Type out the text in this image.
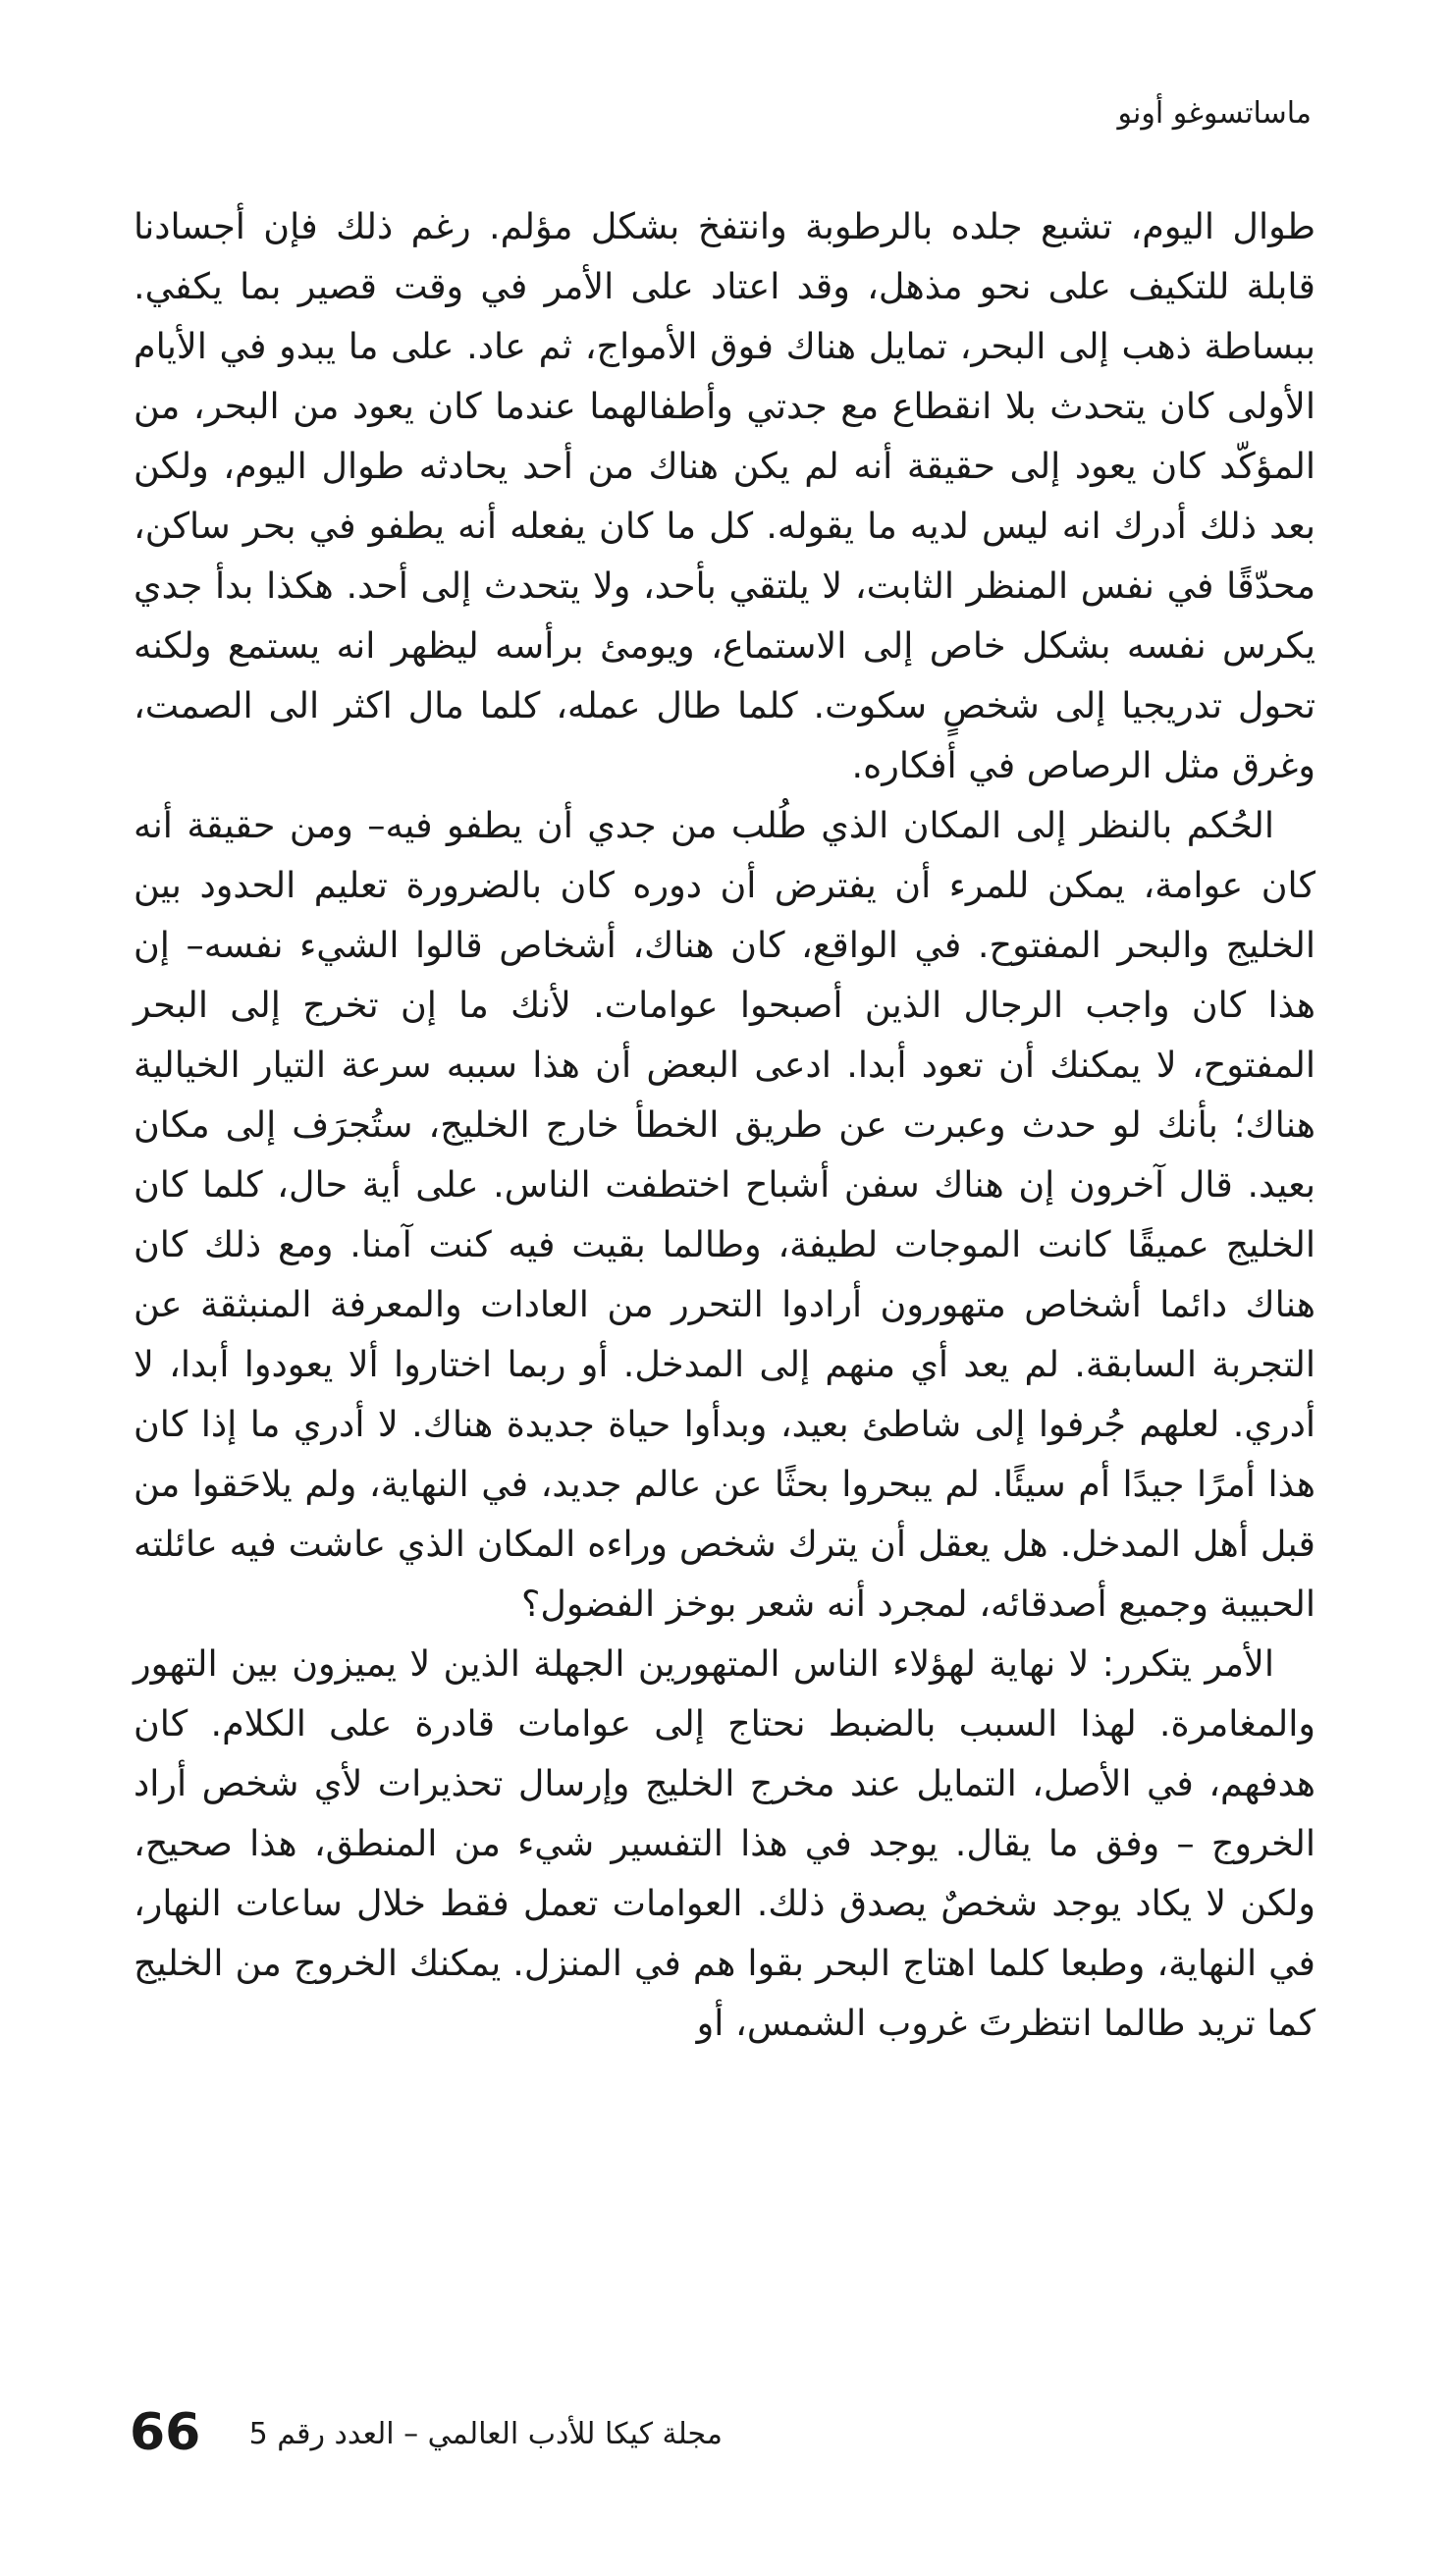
ماساتسوغو أونو

طوال اليوم، تشبع جلده بالرطوبة وانتفخ بشكل مؤلم. رغم ذلك فإن أجسادنا قابلة للتكيف على نحو مذهل، وقد اعتاد على الأمر في وقت قصير بما يكفي. ببساطة ذهب إلى البحر، تمايل هناك فوق الأمواج، ثم عاد. على ما يبدو في الأيام الأولى كان يتحدث بلا انقطاع مع جدتي وأطفالهما عندما كان يعود من البحر، من المؤكّد كان يعود إلى حقيقة أنه لم يكن هناك من أحد يحادثه طوال اليوم، ولكن بعد ذلك أدرك انه ليس لديه ما يقوله. كل ما كان يفعله أنه يطفو في بحر ساكن، محدّقًا في نفس المنظر الثابت، لا يلتقي بأحد، ولا يتحدث إلى أحد. هكذا بدأ جدي يكرس نفسه بشكل خاص إلى الاستماع، ويومئ برأسه ليظهر انه يستمع ولكنه تحول تدريجيا إلى شخصٍ سكوت. كلما طال عمله، كلما مال اكثر الى الصمت، وغرق مثل الرصاص في أفكاره.

الحُكم بالنظر إلى المكان الذي طُلب من جدي أن يطفو فيه– ومن حقيقة أنه كان عوامة، يمكن للمرء أن يفترض أن دوره كان بالضرورة تعليم الحدود بين الخليج والبحر المفتوح. في الواقع، كان هناك، أشخاص قالوا الشيء نفسه– إن هذا كان واجب الرجال الذين أصبحوا عوامات. لأنك ما إن تخرج إلى البحر المفتوح، لا يمكنك أن تعود أبدا. ادعى البعض أن هذا سببه سرعة التيار الخيالية هناك؛ بأنك لو حدث وعبرت عن طريق الخطأ خارج الخليج، ستُجرَف إلى مكان بعيد. قال آخرون إن هناك سفن أشباح اختطفت الناس. على أية حال، كلما كان الخليج عميقًا كانت الموجات لطيفة، وطالما بقيت فيه كنت آمنا. ومع ذلك كان هناك دائما أشخاص متهورون أرادوا التحرر من العادات والمعرفة المنبثقة عن التجربة السابقة. لم يعد أي منهم إلى المدخل. أو ربما اختاروا ألا يعودوا أبدا، لا أدري. لعلهم جُرفوا إلى شاطئ بعيد، وبدأوا حياة جديدة هناك. لا أدري ما إذا كان هذا أمرًا جيدًا أم سيئًا. لم يبحروا بحثًا عن عالم جديد، في النهاية، ولم يلاحَقوا من قبل أهل المدخل. هل يعقل أن يترك شخص وراءه المكان الذي عاشت فيه عائلته الحبيبة وجميع أصدقائه، لمجرد أنه شعر بوخز الفضول؟

الأمر يتكرر: لا نهاية لهؤلاء الناس المتهورين الجهلة الذين لا يميزون بين التهور والمغامرة. لهذا السبب بالضبط نحتاج إلى عوامات قادرة على الكلام. كان هدفهم، في الأصل، التمايل عند مخرج الخليج وإرسال تحذيرات لأي شخص أراد الخروج – وفق ما يقال. يوجد في هذا التفسير شيء من المنطق، هذا صحيح، ولكن لا يكاد يوجد شخصٌ يصدق ذلك. العوامات تعمل فقط خلال ساعات النهار، في النهاية، وطبعا كلما اهتاج البحر بقوا هم في المنزل. يمكنك الخروج من الخليج كما تريد طالما انتظرتَ غروب الشمس، أو

مجلة كيكا للأدب العالمي – العدد رقم 5
66
